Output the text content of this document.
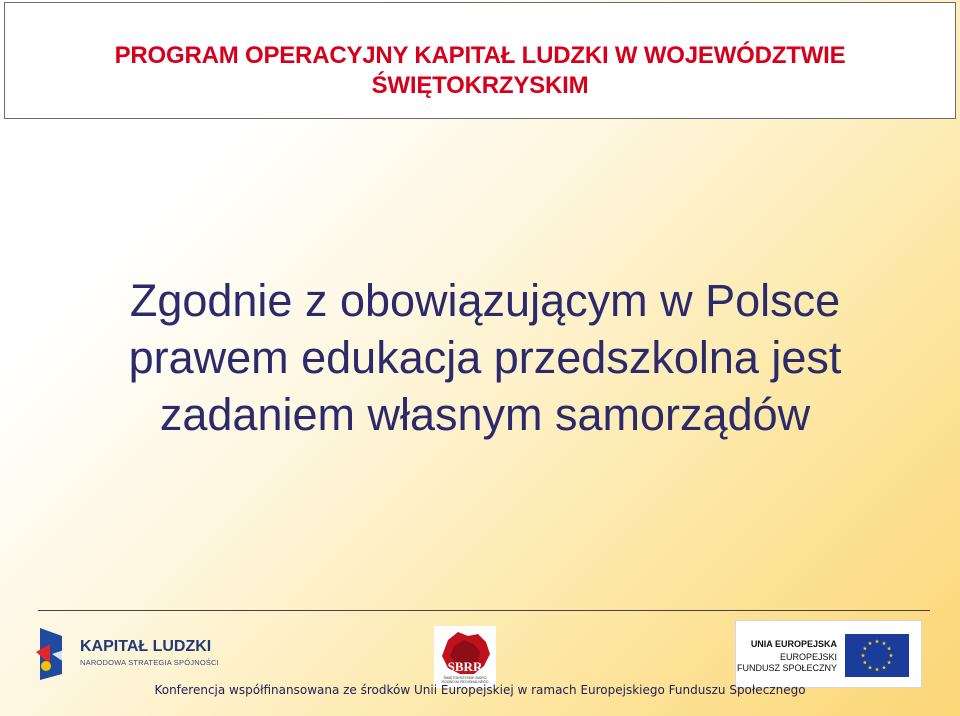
PROGRAM OPERACYJNY KAPITAŁ LUDZKI W WOJEWÓDZTWIE
ŚWIĘTOKRZYSKIM

Zgodnie z obowiązującym w Polsce
prawem edukacja przedszkolna jest
zadaniem własnym samorządów

KAPITAŁ LUDZKI
NARODOWA STRATEGIA SPÓJNOŚCI	SBRR
ŚWIĘTOKRZYSKIE BIURO
ROZWOJU REGIONALNEGO
UNIA EUROPEJSKA
EUROPEJSKI
FUNDUSZ SPOŁECZNY
Konferencja współfinansowana ze środków Unii Europejskiej w ramach Europejskiego Funduszu Społecznego
